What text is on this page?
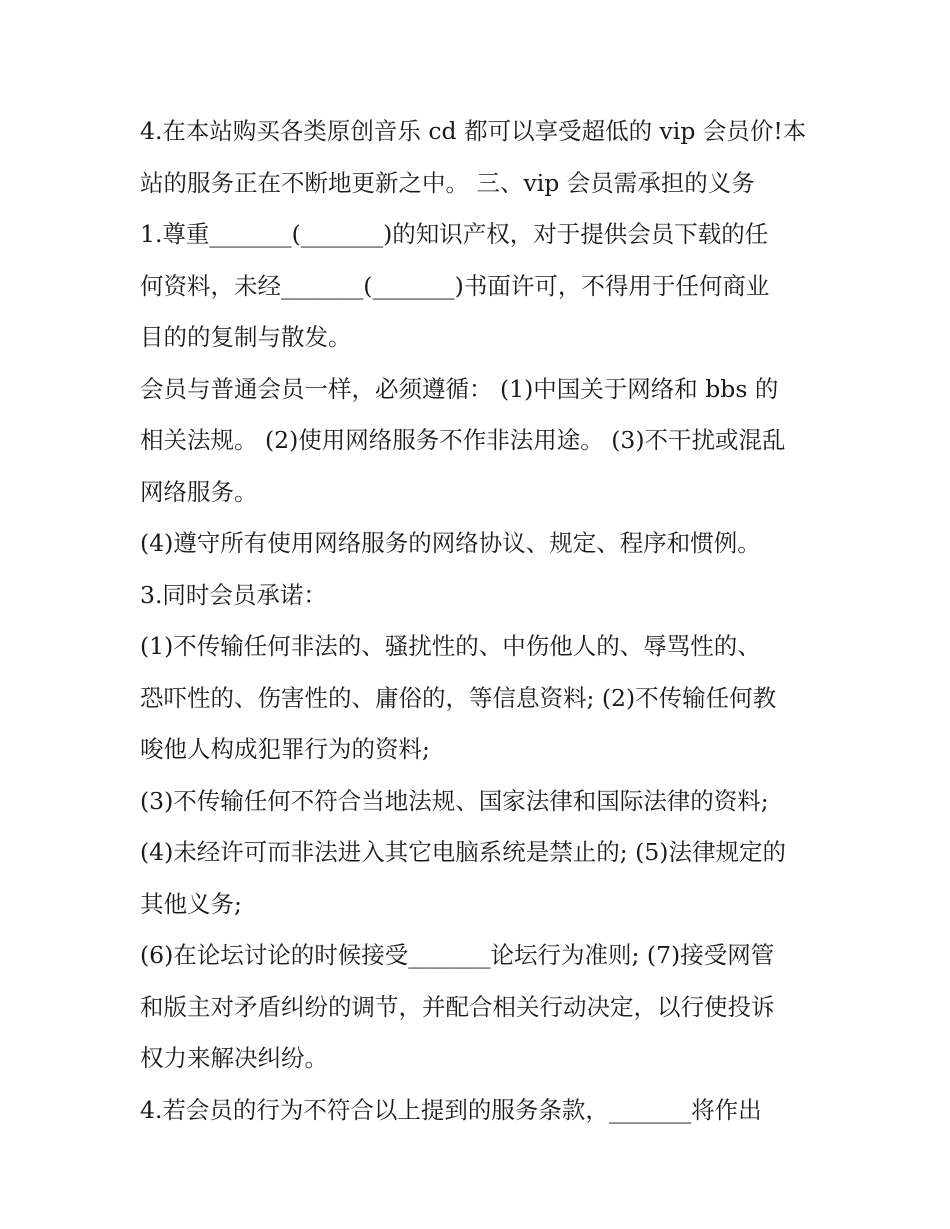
4.在本站购买各类原创音乐 cd 都可以享受超低的 vip 会员价!本
站的服务正在不断地更新之中。 三、vip 会员需承担的义务
1.尊重_______(_______)的知识产权，对于提供会员下载的任
何资料，未经_______(_______)书面许可，不得用于任何商业
目的的复制与散发。
会员与普通会员一样，必须遵循： (1)中国关于网络和 bbs 的
相关法规。 (2)使用网络服务不作非法用途。 (3)不干扰或混乱
网络服务。
(4)遵守所有使用网络服务的网络协议、规定、程序和惯例。
3.同时会员承诺：
(1)不传输任何非法的、骚扰性的、中伤他人的、辱骂性的、
恐吓性的、伤害性的、庸俗的，等信息资料; (2)不传输任何教
唆他人构成犯罪行为的资料;
(3)不传输任何不符合当地法规、国家法律和国际法律的资料;
(4)未经许可而非法进入其它电脑系统是禁止的; (5)法律规定的
其他义务;
(6)在论坛讨论的时候接受_______论坛行为准则; (7)接受网管
和版主对矛盾纠纷的调节，并配合相关行动决定，以行使投诉
权力来解决纠纷。
4.若会员的行为不符合以上提到的服务条款，_______将作出
